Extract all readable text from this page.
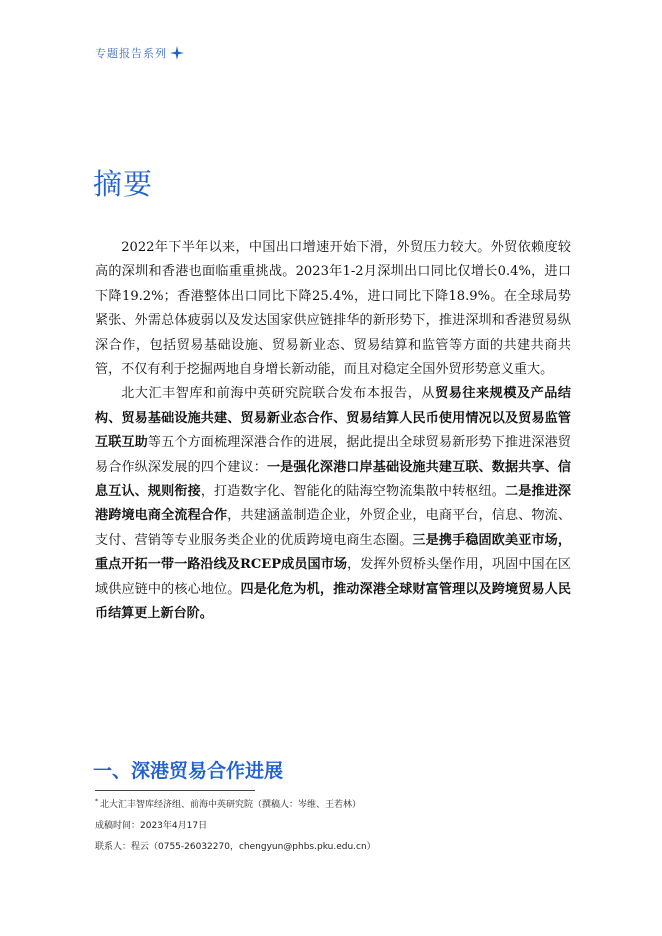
专题报告系列
摘要

2022年下半年以来，中国出口增速开始下滑，外贸压力较大。外贸依赖度较高的深圳和香港也面临重重挑战。2023年1-2月深圳出口同比仅增长0.4%，进口下降19.2%；香港整体出口同比下降25.4%，进口同比下降18.9%。在全球局势紧张、外需总体疲弱以及发达国家供应链排华的新形势下，推进深圳和香港贸易纵深合作，包括贸易基础设施、贸易新业态、贸易结算和监管等方面的共建共商共管，不仅有利于挖掘两地自身增长新动能，而且对稳定全国外贸形势意义重大。

北大汇丰智库和前海中英研究院联合发布本报告，从贸易往来规模及产品结构、贸易基础设施共建、贸易新业态合作、贸易结算人民币使用情况以及贸易监管互联互助等五个方面梳理深港合作的进展，据此提出全球贸易新形势下推进深港贸易合作纵深发展的四个建议：一是强化深港口岸基础设施共建互联、数据共享、信息互认、规则衔接，打造数字化、智能化的陆海空物流集散中转枢纽。二是推进深港跨境电商全流程合作，共建涵盖制造企业，外贸企业，电商平台，信息、物流、支付、营销等专业服务类企业的优质跨境电商生态圈。三是携手稳固欧美亚市场，重点开拓一带一路沿线及RCEP成员国市场，发挥外贸桥头堡作用，巩固中国在区域供应链中的核心地位。四是化危为机，推动深港全球财富管理以及跨境贸易人民币结算更上新台阶。

一、深港贸易合作进展
* 北大汇丰智库经济组、前海中英研究院（撰稿人：岑维、王若林）
成稿时间：2023年4月17日
联系人：程云（0755-26032270，chengyun@phbs.pku.edu.cn）
